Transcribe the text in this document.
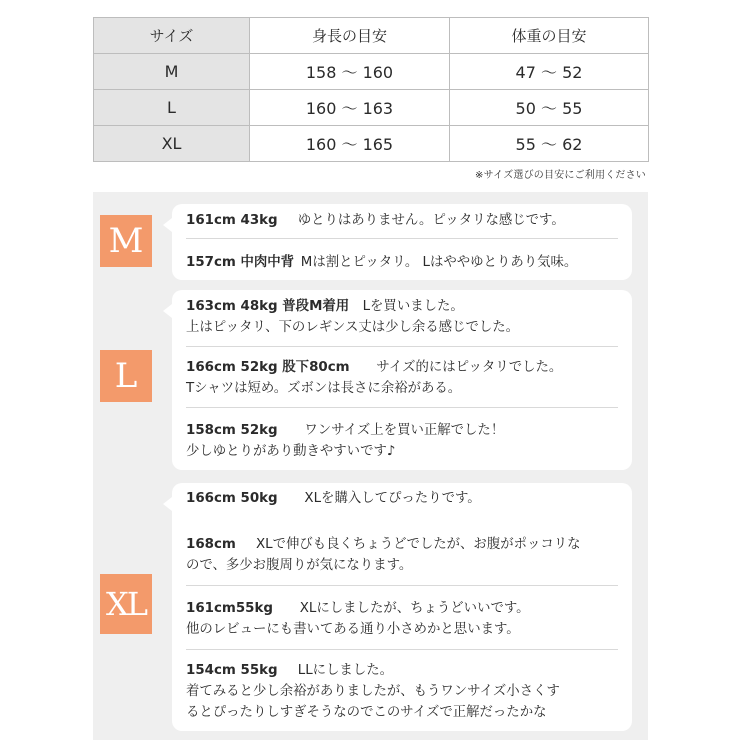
サイズ	身長の目安	体重の目安
M	158 〜 160	47 〜 52
L	160 〜 163	50 〜 55
XL	160 〜 165	55 〜 62
※サイズ選びの目安にご利用ください
M
161cm 43kg   ゆとりはありません。ピッタリな感じです。
157cm 中肉中背  Mは割とピッタリ。 Lはややゆとりあり気味。
L
163cm 48kg 普段M着用  Lを買いました。
上はピッタリ、下のレギンス丈は少し余る感じでした。
166cm 52kg 股下80cm   サイズ的にはピッタリでした。
Tシャツは短め。ズボンは長さに余裕がある。
158cm 52kg   ワンサイズ上を買い正解でした！
少しゆとりがあり動きやすいです♪
XL
166cm 50kg   XLを購入してぴったりです。
168cm   XLで伸びも良くちょうどでしたが、お腹がポッコリな
ので、多少お腹周りが気になります。
161cm55kg   XLにしましたが、ちょうどいいです。
他のレビューにも書いてある通り小さめかと思います。
154cm 55kg   LLにしました。
着てみると少し余裕がありましたが、もうワンサイズ小さくす
るとぴったりしすぎそうなのでこのサイズで正解だったかな
